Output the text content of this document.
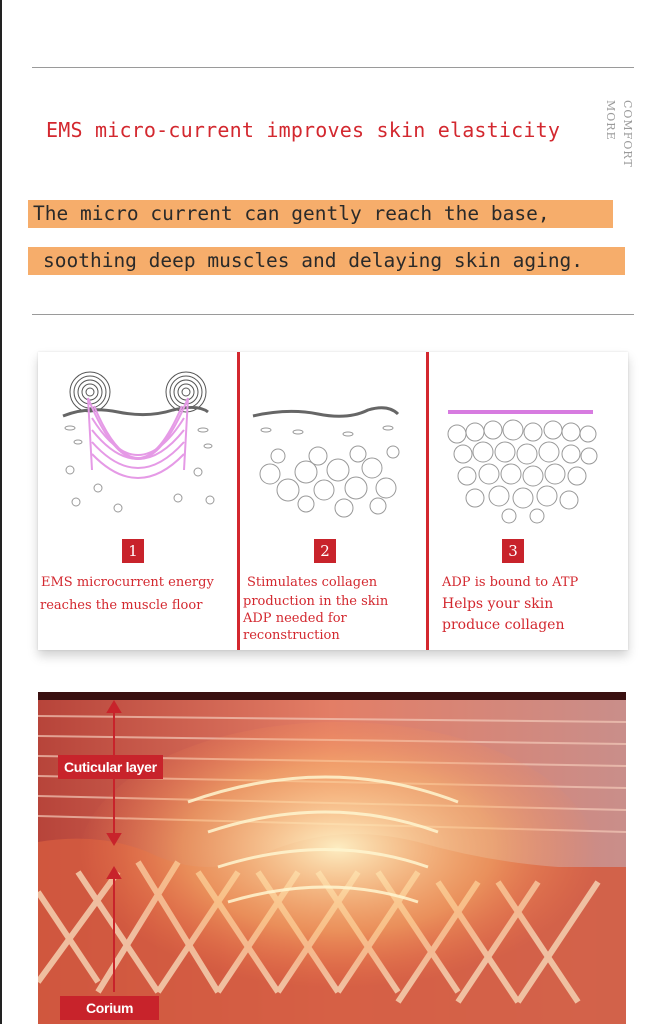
EMS micro-current improves skin elasticity	COMFORT
MORE
The micro current can gently reach the base,
soothing deep muscles and delaying skin aging.
1	2	3
EMS microcurrent energy
reaches the muscle floor
Stimulates collagen
production in the skin
ADP needed for
reconstruction
ADP is bound to ATP
Helps your skin
produce collagen
Cuticular layer
Corium
